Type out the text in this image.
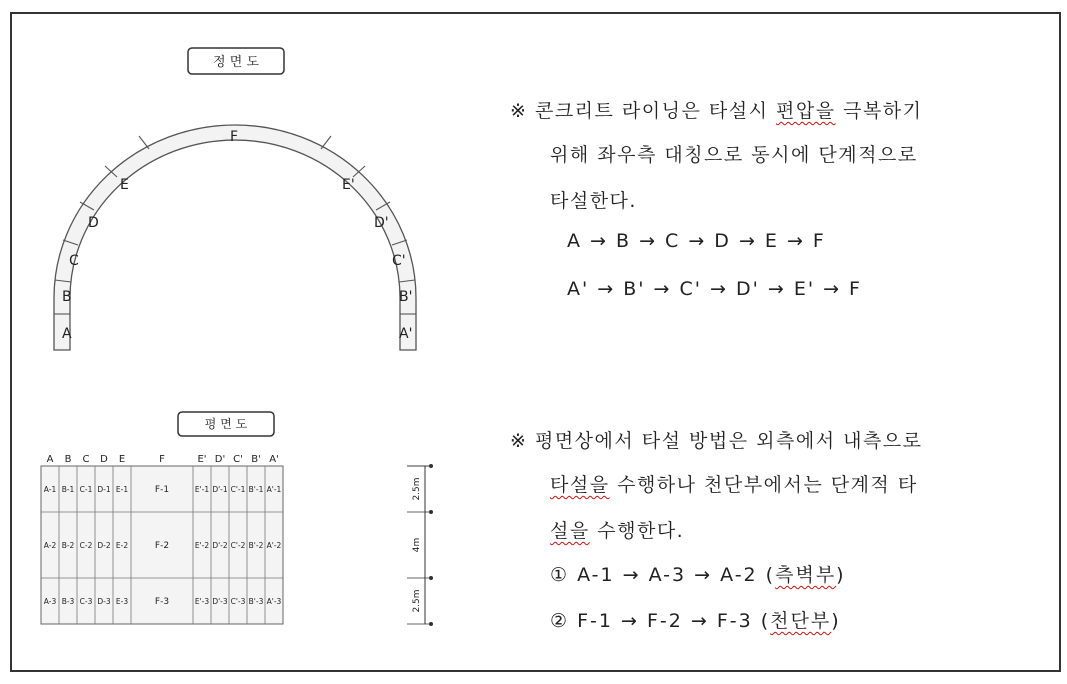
정 면 도
A
B
C
D
E
F
A'
B'
C'
D'
E'
평 면 도
A B C D E	F	E' D' C' B' A'
A-1 B-1 C-1 D-1 E-1	F-1	E'-1 D'-1 C'-1 B'-1 A'-1
A-2 B-2 C-2 D-2 E-2	F-2	E'-2 D'-2 C'-2 B'-2 A'-2
A-3 B-3 C-3 D-3 E-3	F-3	E'-3 D'-3 C'-3 B'-3 A'-3
2.5m
4m
2.5m
※ 콘크리트 라이닝은 타설시 편압을 극복하기
위해 좌우측 대칭으로 동시에 단계적으로
타설한다.
A → B → C → D → E → F
A' → B' → C' → D' → E' → F
※ 평면상에서 타설 방법은 외측에서 내측으로
타설을 수행하나 천단부에서는 단계적 타
설을 수행한다.
① A-1 → A-3 → A-2 (측벽부)
② F-1 → F-2 → F-3 (천단부)
